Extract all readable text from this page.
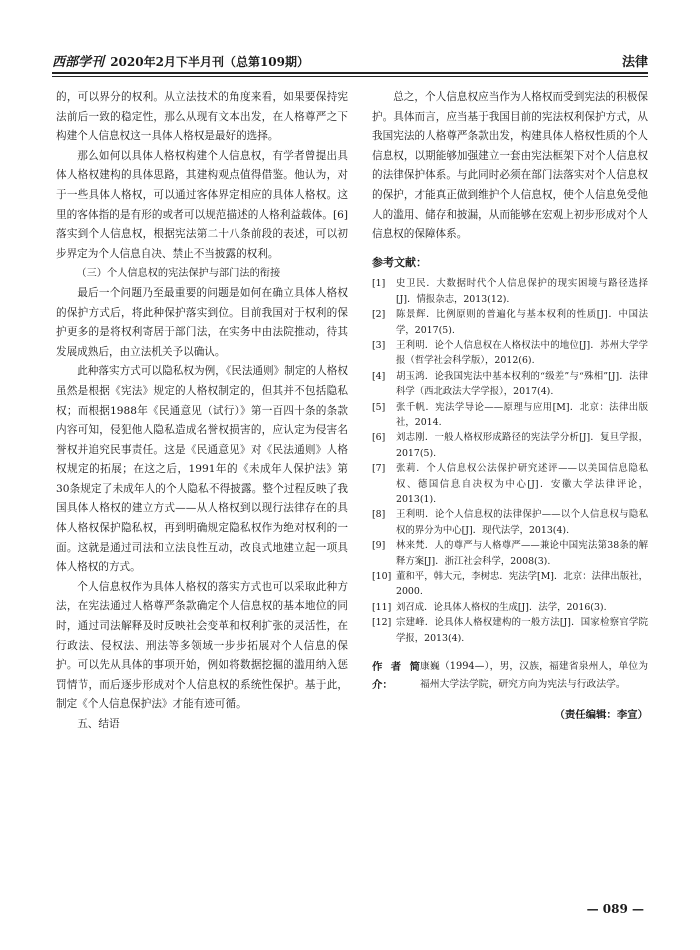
西部学刊 2020年2月下半月刊（总第109期）	法律

的，可以界分的权利。从立法技术的角度来看，如果要保持宪法前后一致的稳定性，那么从现有文本出发，在人格尊严之下构建个人信息权这一具体人格权是最好的选择。

那么如何以具体人格权构建个人信息权，有学者曾提出具体人格权建构的具体思路，其建构观点值得借鉴。他认为，对于一些具体人格权，可以通过客体界定相应的具体人格权。这里的客体指的是有形的或者可以规范描述的人格利益载体。[6]落实到个人信息权，根据宪法第二十八条前段的表述，可以初步界定为个人信息自决、禁止不当披露的权利。

（三）个人信息权的宪法保护与部门法的衔接

最后一个问题乃至最重要的问题是如何在确立具体人格权的保护方式后，将此种保护落实到位。目前我国对于权利的保护更多的是将权利寄居于部门法，在实务中由法院推动，待其发展成熟后，由立法机关予以确认。

此种落实方式可以隐私权为例，《民法通则》制定的人格权虽然是根据《宪法》规定的人格权制定的，但其并不包括隐私权；而根据1988年《民通意见（试行）》第一百四十条的条款内容可知，侵犯他人隐私造成名誉权损害的，应认定为侵害名誉权并追究民事责任。这是《民通意见》对《民法通则》人格权规定的拓展；在这之后，1991年的《未成年人保护法》第30条规定了未成年人的个人隐私不得披露。整个过程反映了我国具体人格权的建立方式——从人格权到以现行法律存在的具体人格权保护隐私权，再到明确规定隐私权作为绝对权利的一面。这就是通过司法和立法良性互动，改良式地建立起一项具体人格权的方式。

个人信息权作为具体人格权的落实方式也可以采取此种方法，在宪法通过人格尊严条款确定个人信息权的基本地位的同时，通过司法解释及时反映社会变革和权利扩张的灵活性，在行政法、侵权法、刑法等多领域一步步拓展对个人信息的保护。可以先从具体的事项开始，例如将数据挖掘的滥用纳入惩罚情节，而后逐步形成对个人信息权的系统性保护。基于此，制定《个人信息保护法》才能有迹可循。

五、结语

总之，个人信息权应当作为人格权而受到宪法的积极保护。具体而言，应当基于我国目前的宪法权利保护方式，从我国宪法的人格尊严条款出发，构建具体人格权性质的个人信息权，以期能够加强建立一套由宪法框架下对个人信息权的法律保护体系。与此同时必须在部门法落实对个人信息权的保护，才能真正做到维护个人信息权，使个人信息免受他人的滥用、储存和披漏，从而能够在宏观上初步形成对个人信息权的保障体系。

参考文献：

[1]	史卫民．大数据时代个人信息保护的现实困境与路径选择[J]．情报杂志，2013(12).
[2]	陈景辉．比例原则的普遍化与基本权利的性质[J]．中国法学，2017(5).
[3]	王利明．论个人信息权在人格权法中的地位[J]．苏州大学学报（哲学社会科学版），2012(6).
[4]	胡玉鸿．论我国宪法中基本权利的“级差”与“殊相”[J]．法律科学（西北政法大学学报），2017(4).
[5]	张千帆．宪法学导论——原理与应用[M]．北京：法律出版社，2014.
[6]	刘志刚．一般人格权形成路径的宪法学分析[J]．复旦学报，2017(5).
[7]	张莉．个人信息权公法保护研究述评——以美国信息隐私权、德国信息自决权为中心[J]．安徽大学法律评论，2013(1).
[8]	王利明．论个人信息权的法律保护——以个人信息权与隐私权的界分为中心[J]．现代法学，2013(4).
[9]	林来梵．人的尊严与人格尊严——兼论中国宪法第38条的解释方案[J]．浙江社会科学，2008(3).
[10] 董和平，韩大元，李树忠．宪法学[M]．北京：法律出版社，2000.
[11] 刘召成．论具体人格权的生成[J]．法学，2016(3).
[12] 宗建峰．论具体人格权建构的一般方法[J]．国家检察官学院学报，2013(4).
作者简介：
康巍（1994—），男，汉族，福建省泉州人，单位为福州大学法学院，研究方向为宪法与行政法学。
（责任编辑：李宣）
— 089 —
